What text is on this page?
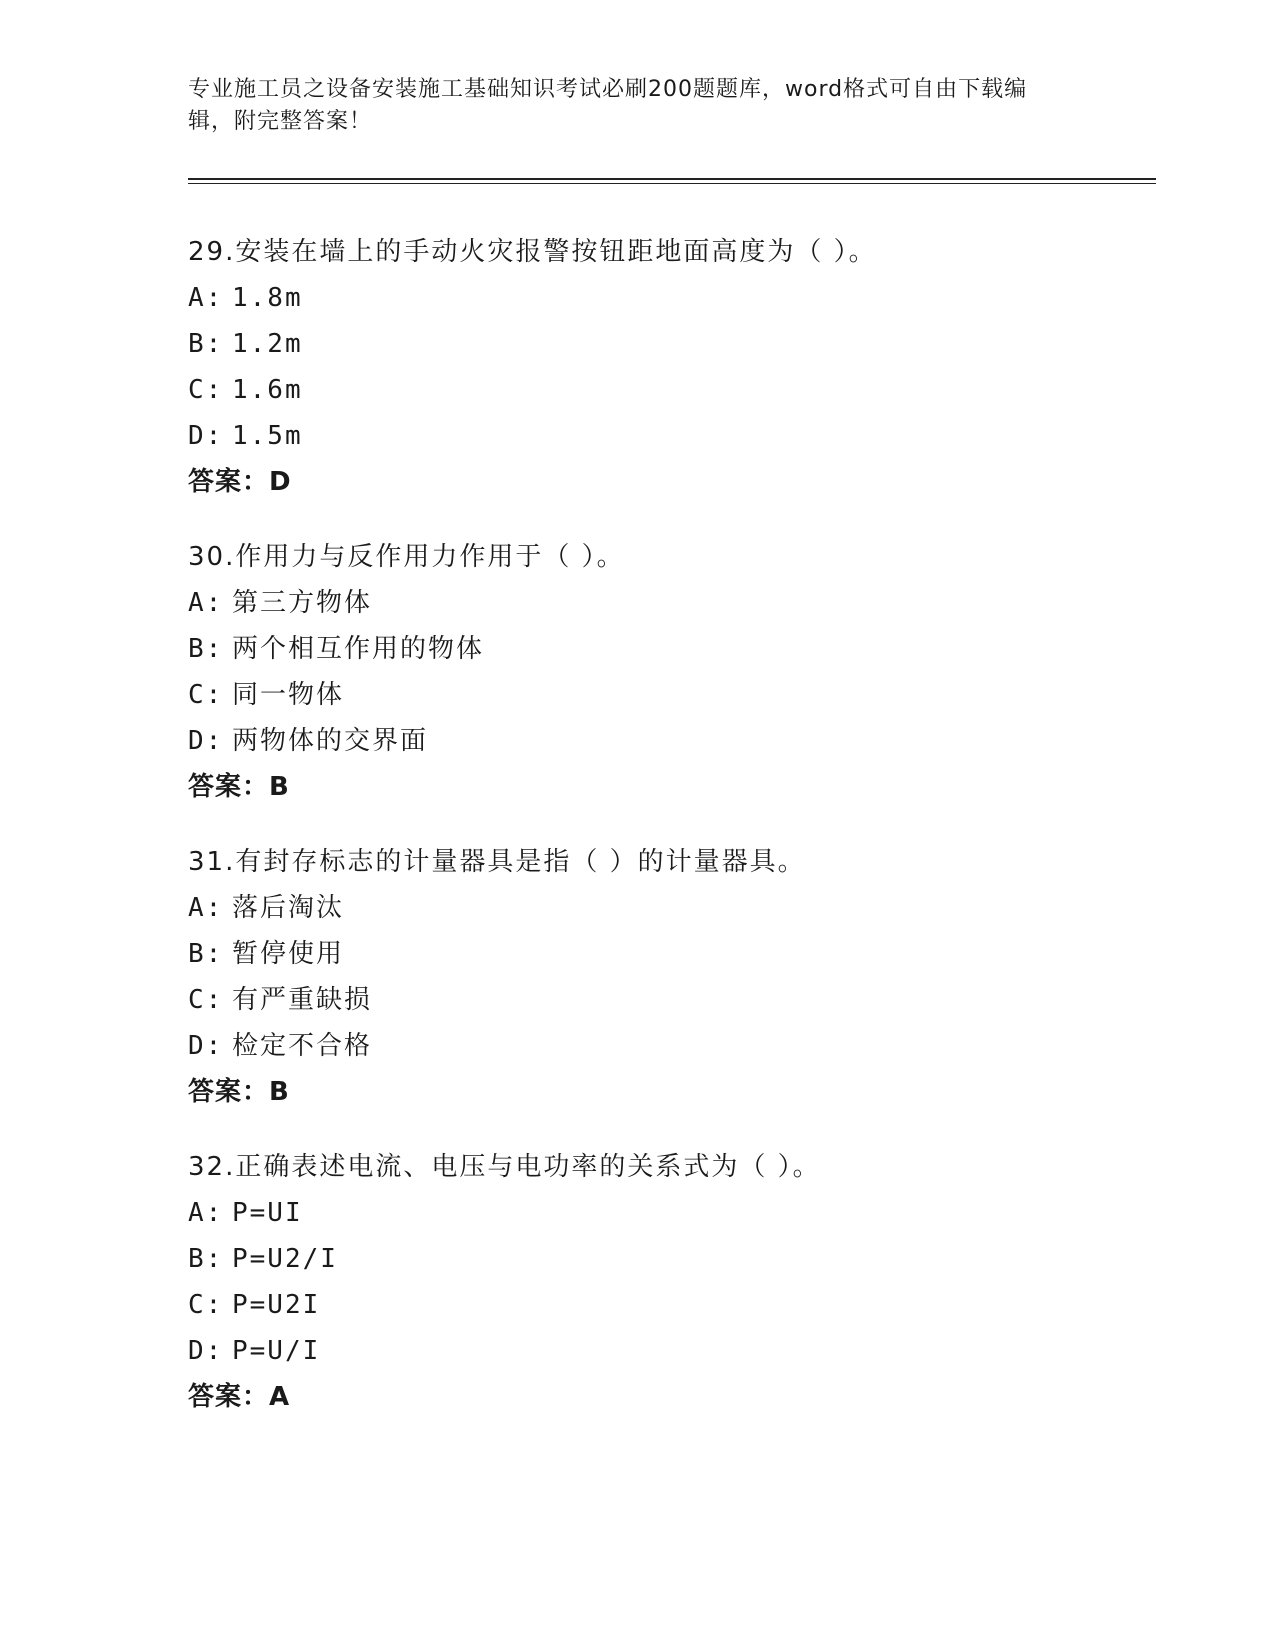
专业施工员之设备安装施工基础知识考试必刷200题题库，word格式可自由下载编辑，附完整答案！
29.安装在墙上的手动火灾报警按钮距地面高度为（ ）。
A: 1.8m
B: 1.2m
C: 1.6m
D: 1.5m
答案：D
30.作用力与反作用力作用于（ ）。
A: 第三方物体
B: 两个相互作用的物体
C: 同一物体
D: 两物体的交界面
答案：B
31.有封存标志的计量器具是指（ ）的计量器具。
A: 落后淘汰
B: 暂停使用
C: 有严重缺损
D: 检定不合格
答案：B
32.正确表述电流、电压与电功率的关系式为（ ）。
A: P=UI
B: P=U2/I
C: P=U2I
D: P=U/I
答案：A
